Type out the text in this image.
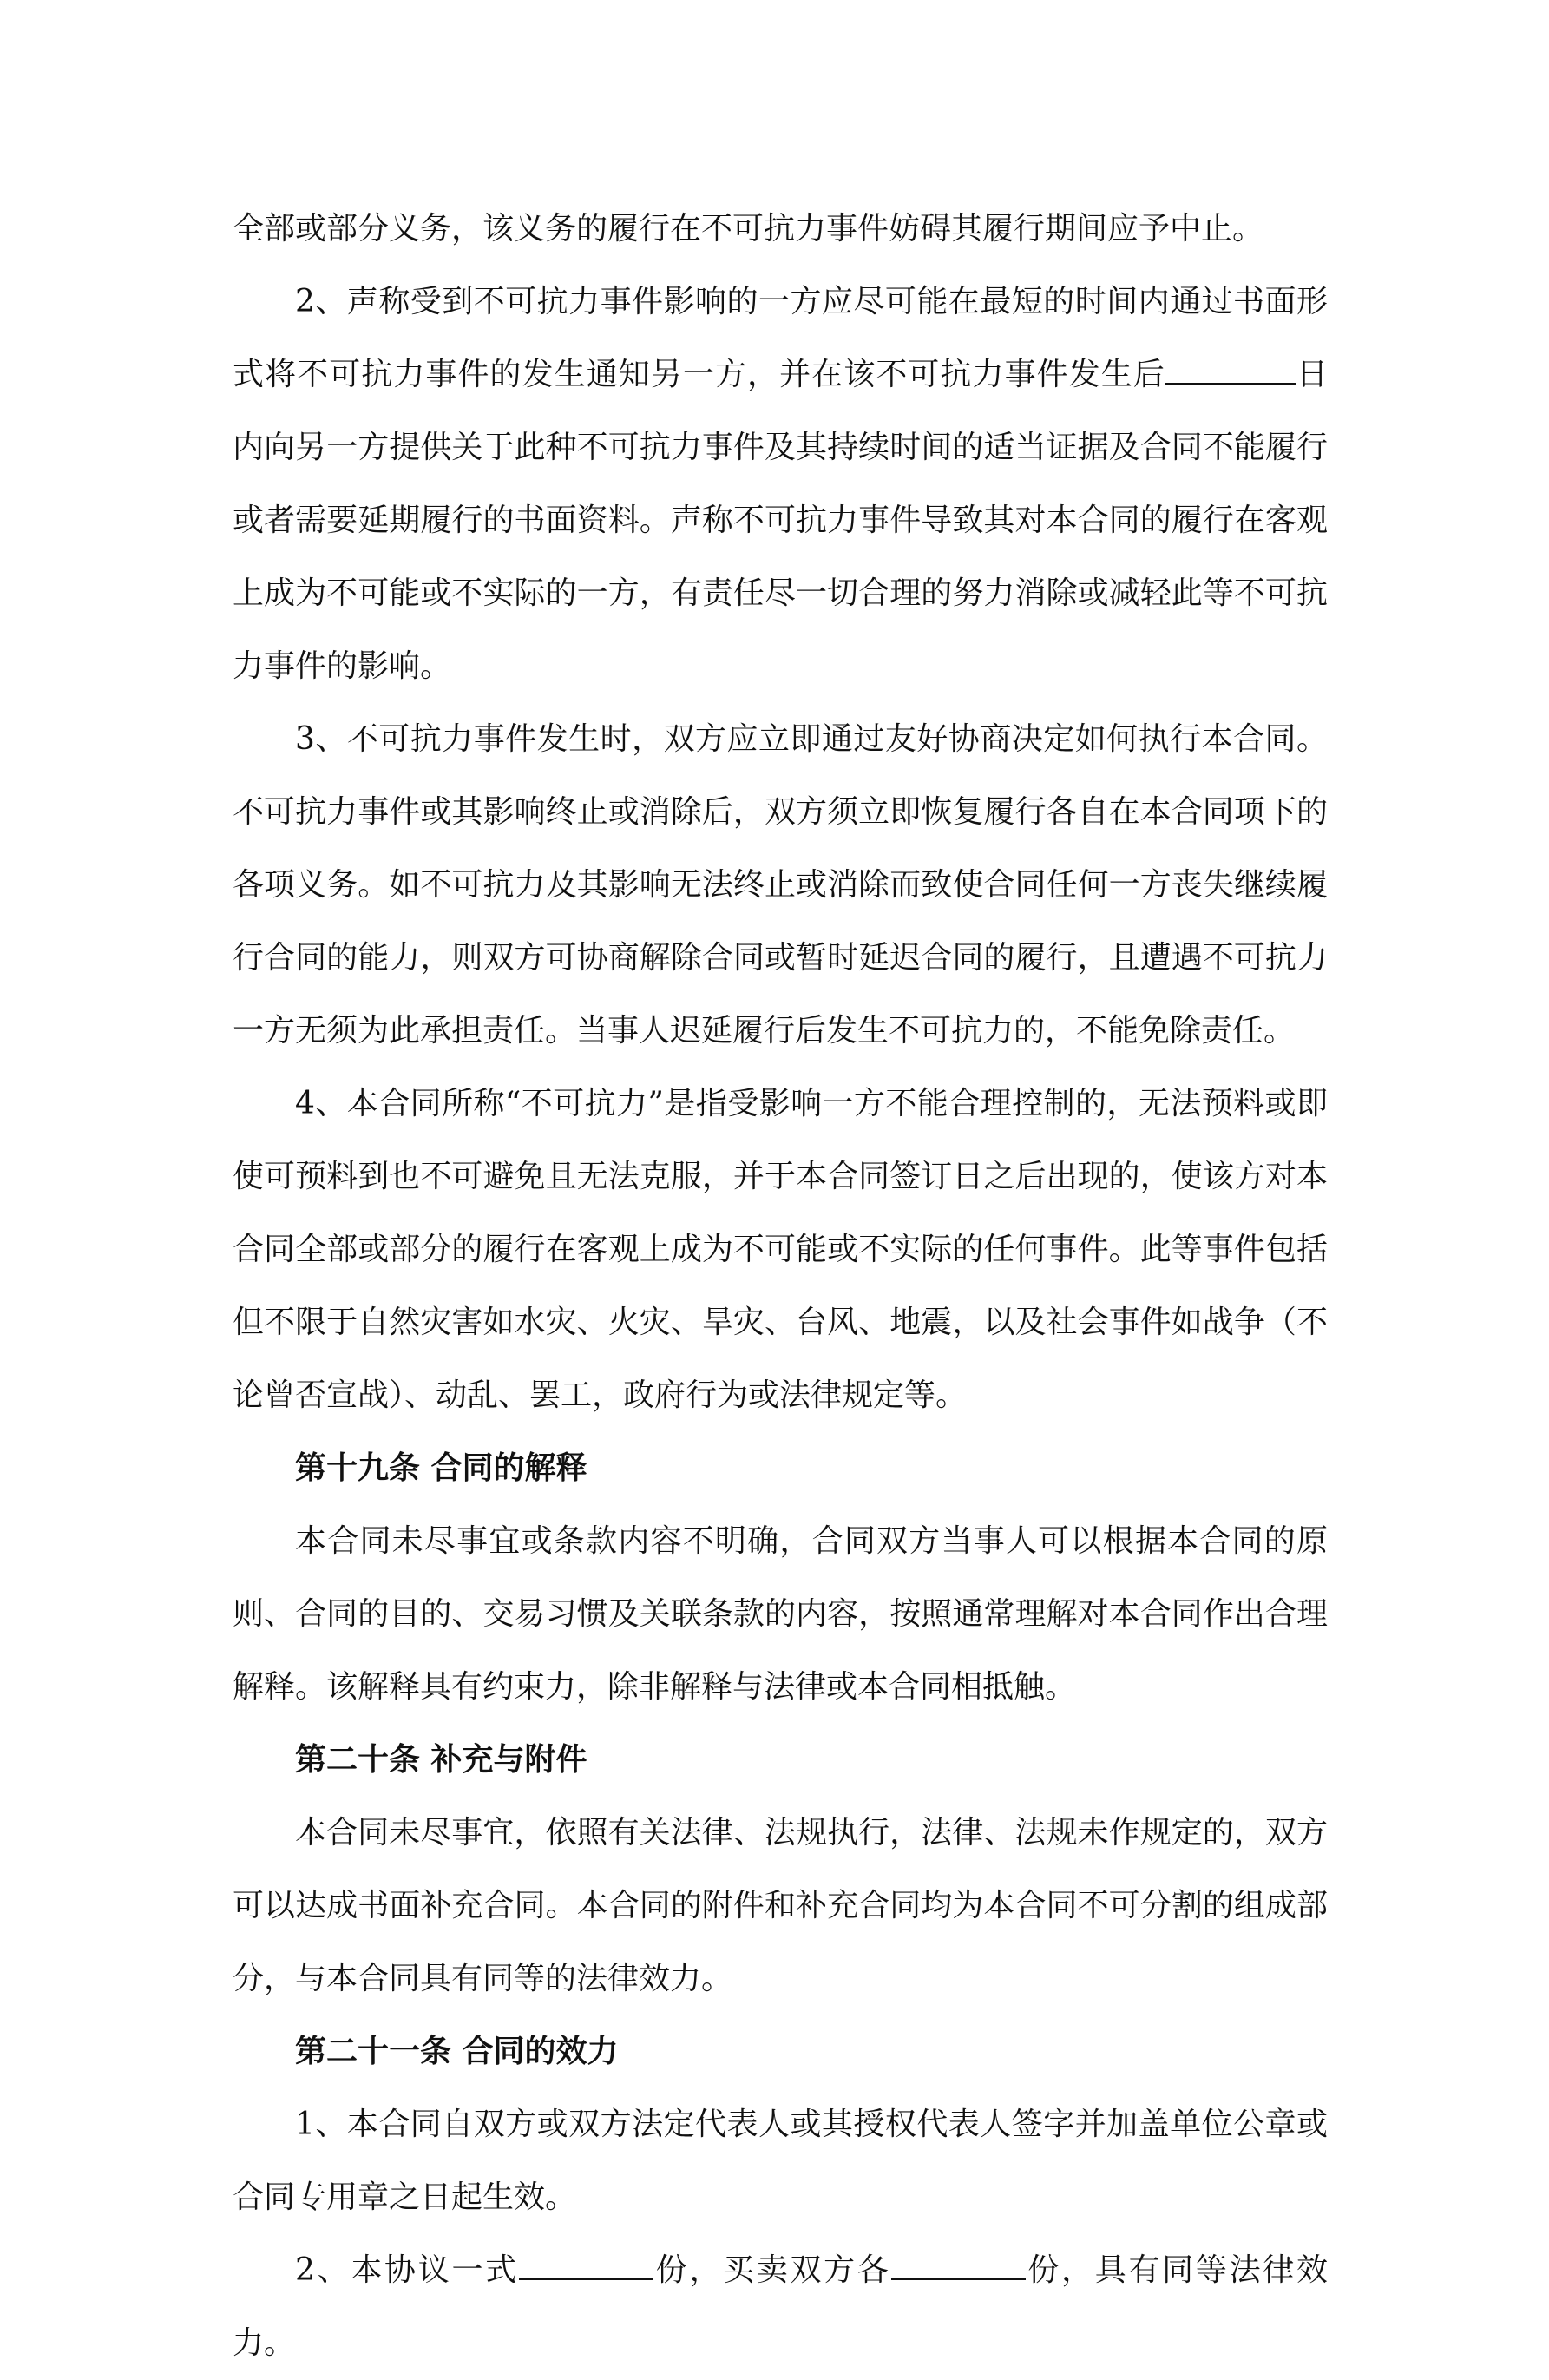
全部或部分义务，该义务的履行在不可抗力事件妨碍其履行期间应予中止。

2、声称受到不可抗力事件影响的一方应尽可能在最短的时间内通过书面形式将不可抗力事件的发生通知另一方，并在该不可抗力事件发生后	日内向另一方提供关于此种不可抗力事件及其持续时间的适当证据及合同不能履行或者需要延期履行的书面资料。声称不可抗力事件导致其对本合同的履行在客观上成为不可能或不实际的一方，有责任尽一切合理的努力消除或减轻此等不可抗力事件的影响。

3、不可抗力事件发生时，双方应立即通过友好协商决定如何执行本合同。不可抗力事件或其影响终止或消除后，双方须立即恢复履行各自在本合同项下的各项义务。如不可抗力及其影响无法终止或消除而致使合同任何一方丧失继续履行合同的能力，则双方可协商解除合同或暂时延迟合同的履行，且遭遇不可抗力一方无须为此承担责任。当事人迟延履行后发生不可抗力的，不能免除责任。

4、本合同所称“不可抗力”是指受影响一方不能合理控制的，无法预料或即使可预料到也不可避免且无法克服，并于本合同签订日之后出现的，使该方对本合同全部或部分的履行在客观上成为不可能或不实际的任何事件。此等事件包括但不限于自然灾害如水灾、火灾、旱灾、台风、地震，以及社会事件如战争（不论曾否宣战）、动乱、罢工，政府行为或法律规定等。

第十九条 合同的解释

本合同未尽事宜或条款内容不明确，合同双方当事人可以根据本合同的原则、合同的目的、交易习惯及关联条款的内容，按照通常理解对本合同作出合理解释。该解释具有约束力，除非解释与法律或本合同相抵触。

第二十条 补充与附件

本合同未尽事宜，依照有关法律、法规执行，法律、法规未作规定的，双方可以达成书面补充合同。本合同的附件和补充合同均为本合同不可分割的组成部分，与本合同具有同等的法律效力。

第二十一条 合同的效力

1、本合同自双方或双方法定代表人或其授权代表人签字并加盖单位公章或合同专用章之日起生效。

2、本协议一式	份，买卖双方各	份，具有同等法律效力。
